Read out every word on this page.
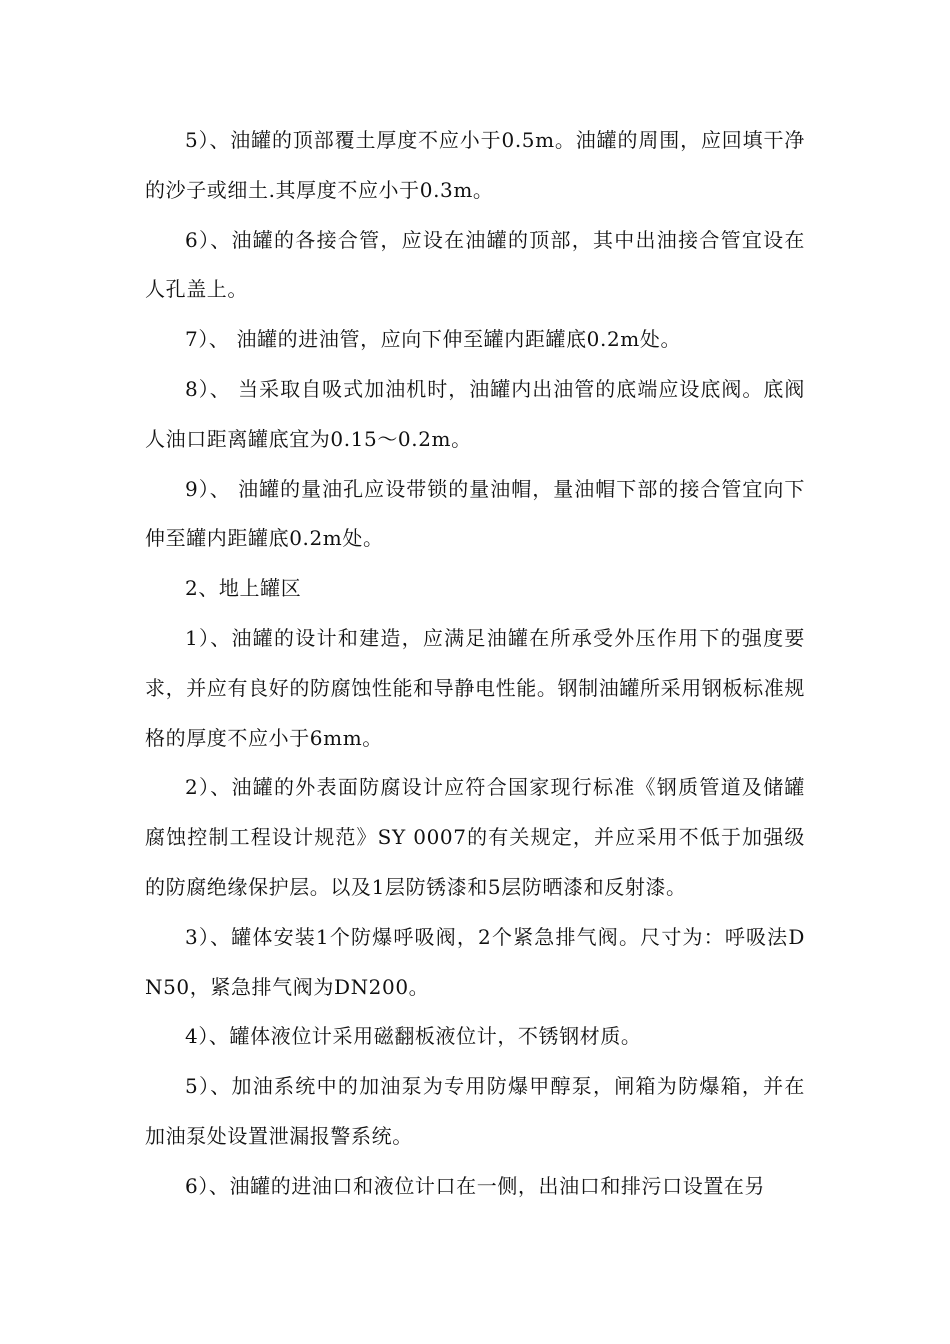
5）、油罐的顶部覆土厚度不应小于0.5m。油罐的周围，应回填干净的沙子或细土.其厚度不应小于0.3m。

6）、油罐的各接合管，应设在油罐的顶部，其中出油接合管宜设在人孔盖上。

7）、 油罐的进油管，应向下伸至罐内距罐底0.2m处。

8）、 当采取自吸式加油机时，油罐内出油管的底端应设底阀。底阀人油口距离罐底宜为0.15～0.2m。

9）、 油罐的量油孔应设带锁的量油帽，量油帽下部的接合管宜向下伸至罐内距罐底0.2m处。

2、地上罐区

1）、油罐的设计和建造，应满足油罐在所承受外压作用下的强度要求，并应有良好的防腐蚀性能和导静电性能。钢制油罐所采用钢板标准规格的厚度不应小于6mm。

2）、油罐的外表面防腐设计应符合国家现行标准《钢质管道及储罐腐蚀控制工程设计规范》SY 0007的有关规定，并应采用不低于加强级的防腐绝缘保护层。以及1层防锈漆和5层防晒漆和反射漆。

3）、罐体安装1个防爆呼吸阀，2个紧急排气阀。尺寸为：呼吸法DN50，紧急排气阀为DN200。

4）、罐体液位计采用磁翻板液位计，不锈钢材质。

5）、加油系统中的加油泵为专用防爆甲醇泵，闸箱为防爆箱，并在加油泵处设置泄漏报警系统。

6）、油罐的进油口和液位计口在一侧，出油口和排污口设置在另
